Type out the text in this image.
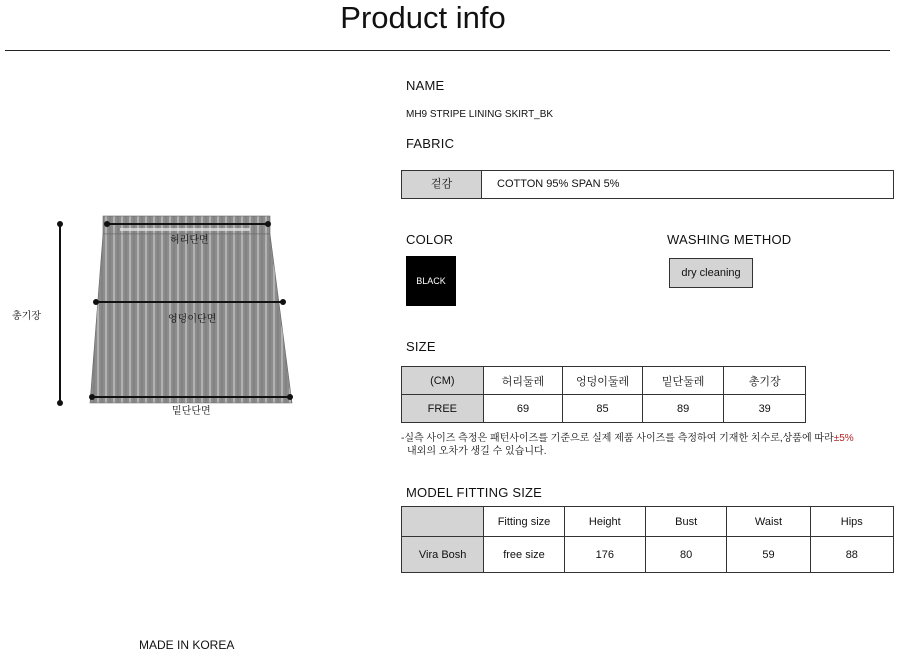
Product info
허리단면
엉덩이단면
밑단단면
총기장
MADE IN KOREA
NAME
MH9 STRIPE LINING SKIRT_BK
FABRIC
겉감	COTTON 95% SPAN 5%
COLOR
BLACK
WASHING METHOD
dry cleaning
SIZE
(CM)	허리둘레	엉덩이둘레	밑단둘레	총기장
FREE	69	85	89	39
-실측 사이즈 측정은 패턴사이즈를 기준으로 실제 제품 사이즈를 측정하여 기재한 치수로,상품에 따라±5%
내외의 오차가 생길 수 있습니다.
MODEL FITTING SIZE
	Fitting size	Height	Bust	Waist	Hips
Vira Bosh	free size	176	80	59	88
